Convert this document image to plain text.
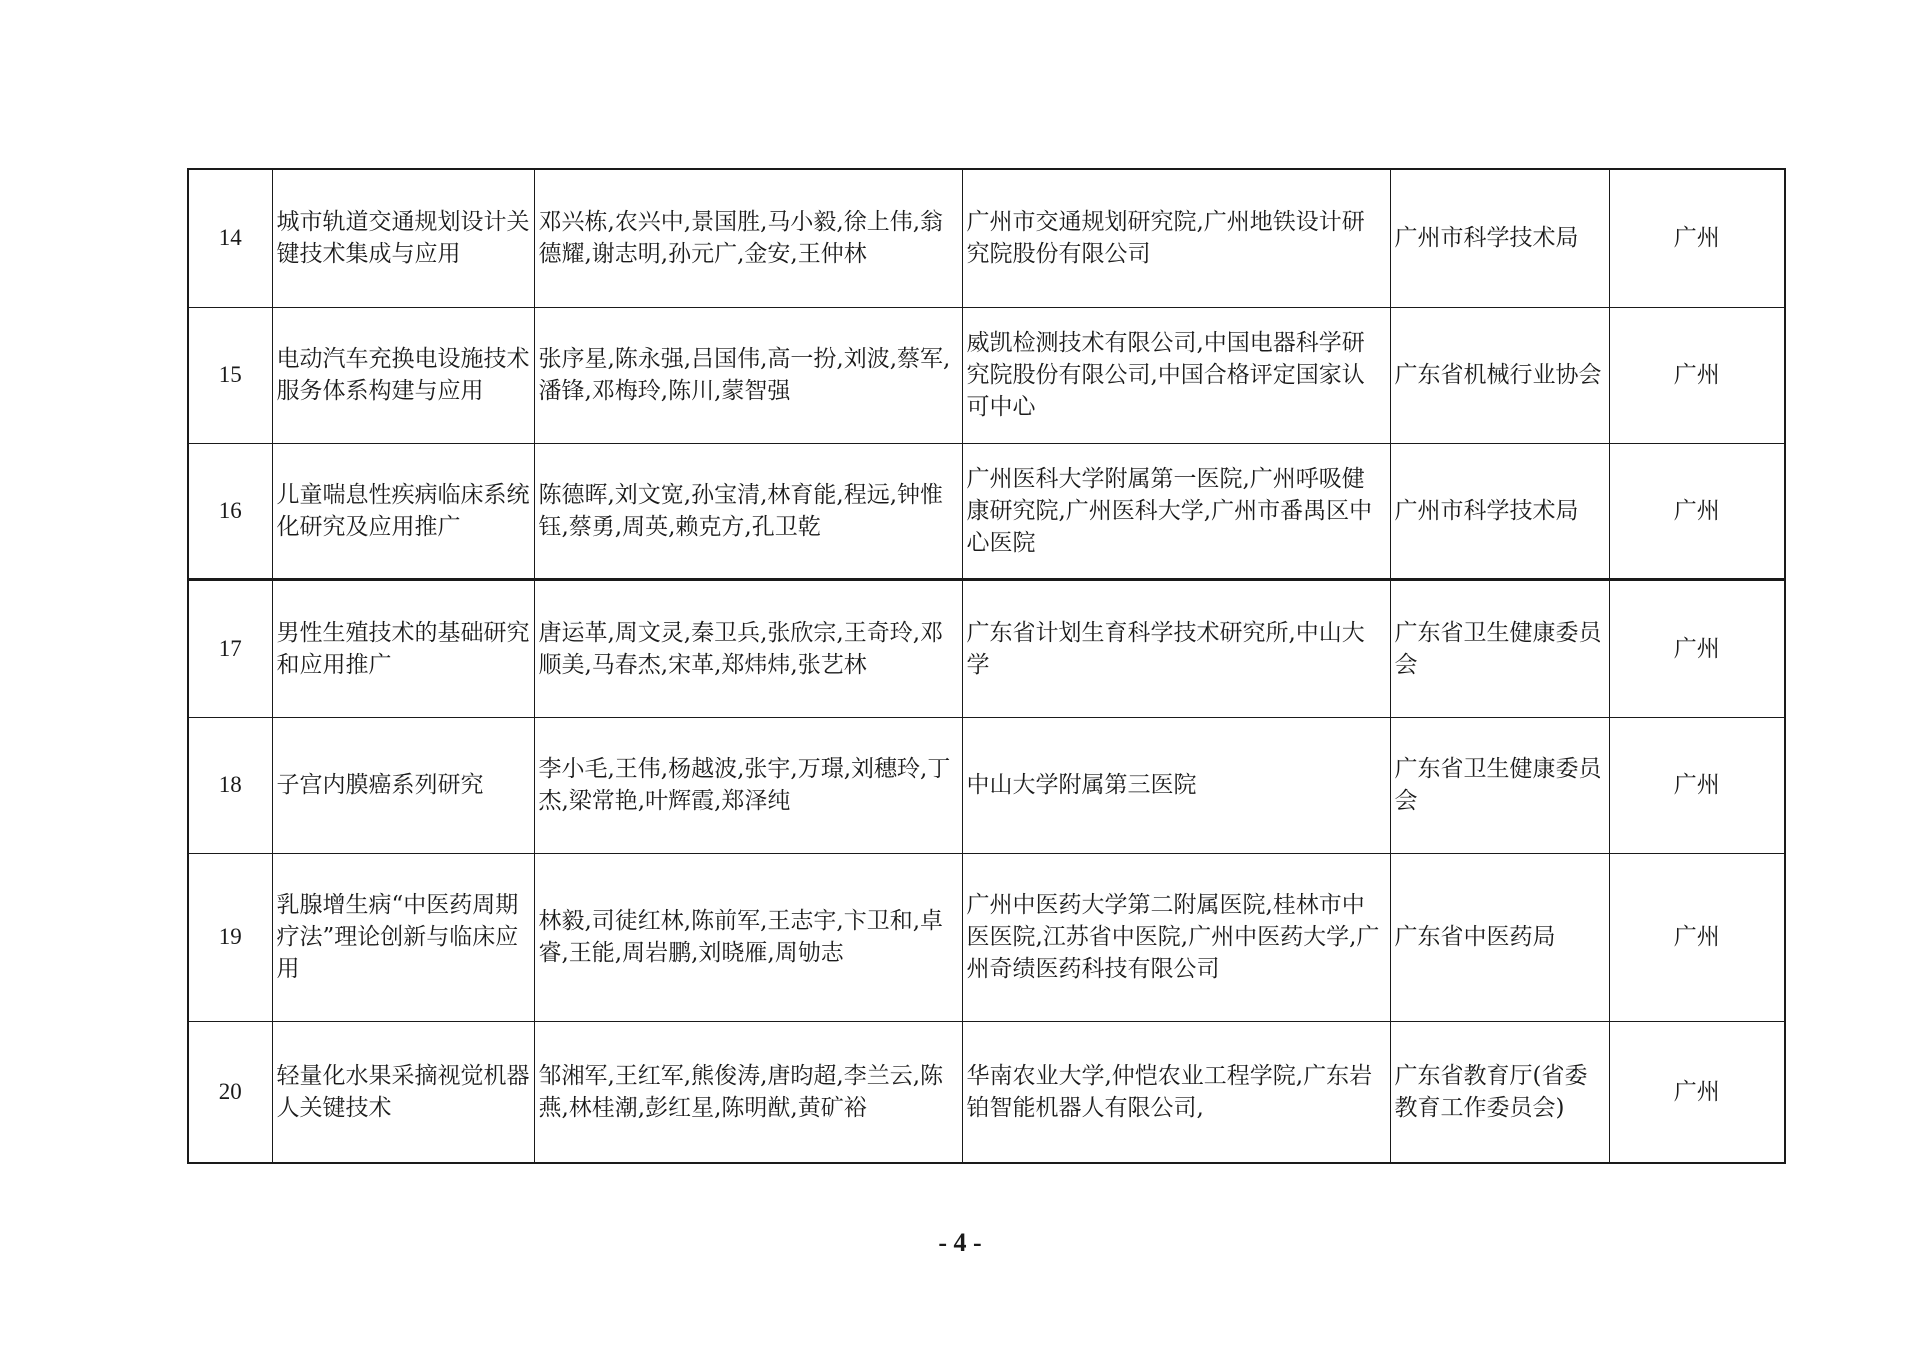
14	城市轨道交通规划设计关键技术集成与应用	邓兴栋,农兴中,景国胜,马小毅,徐上伟,翁德耀,谢志明,孙元广,金安,王仲林	广州市交通规划研究院,广州地铁设计研究院股份有限公司	广州市科学技术局	广州
15	电动汽车充换电设施技术服务体系构建与应用	张序星,陈永强,吕国伟,高一扮,刘波,蔡军,潘锋,邓梅玲,陈川,蒙智强	威凯检测技术有限公司,中国电器科学研究院股份有限公司,中国合格评定国家认可中心	广东省机械行业协会	广州
16	儿童喘息性疾病临床系统化研究及应用推广	陈德晖,刘文宽,孙宝清,林育能,程远,钟惟钰,蔡勇,周英,赖克方,孔卫乾	广州医科大学附属第一医院,广州呼吸健康研究院,广州医科大学,广州市番禺区中心医院	广州市科学技术局	广州
17	男性生殖技术的基础研究和应用推广	唐运革,周文灵,秦卫兵,张欣宗,王奇玲,邓顺美,马春杰,宋革,郑炜炜,张艺林	广东省计划生育科学技术研究所,中山大学	广东省卫生健康委员会	广州
18	子宫内膜癌系列研究	李小毛,王伟,杨越波,张宇,万璟,刘穗玲,丁杰,梁常艳,叶辉霞,郑泽纯	中山大学附属第三医院	广东省卫生健康委员会	广州
19	乳腺增生病“中医药周期疗法”理论创新与临床应用	林毅,司徒红林,陈前军,王志宇,卞卫和,卓睿,王能,周岩鹏,刘晓雁,周劬志	广州中医药大学第二附属医院,桂林市中医医院,江苏省中医院,广州中医药大学,广州奇绩医药科技有限公司	广东省中医药局	广州
20	轻量化水果采摘视觉机器人关键技术	邹湘军,王红军,熊俊涛,唐昀超,李兰云,陈燕,林桂潮,彭红星,陈明猷,黄矿裕	华南农业大学,仲恺农业工程学院,广东岩铂智能机器人有限公司,	广东省教育厅(省委教育工作委员会)	广州
- 4 -
